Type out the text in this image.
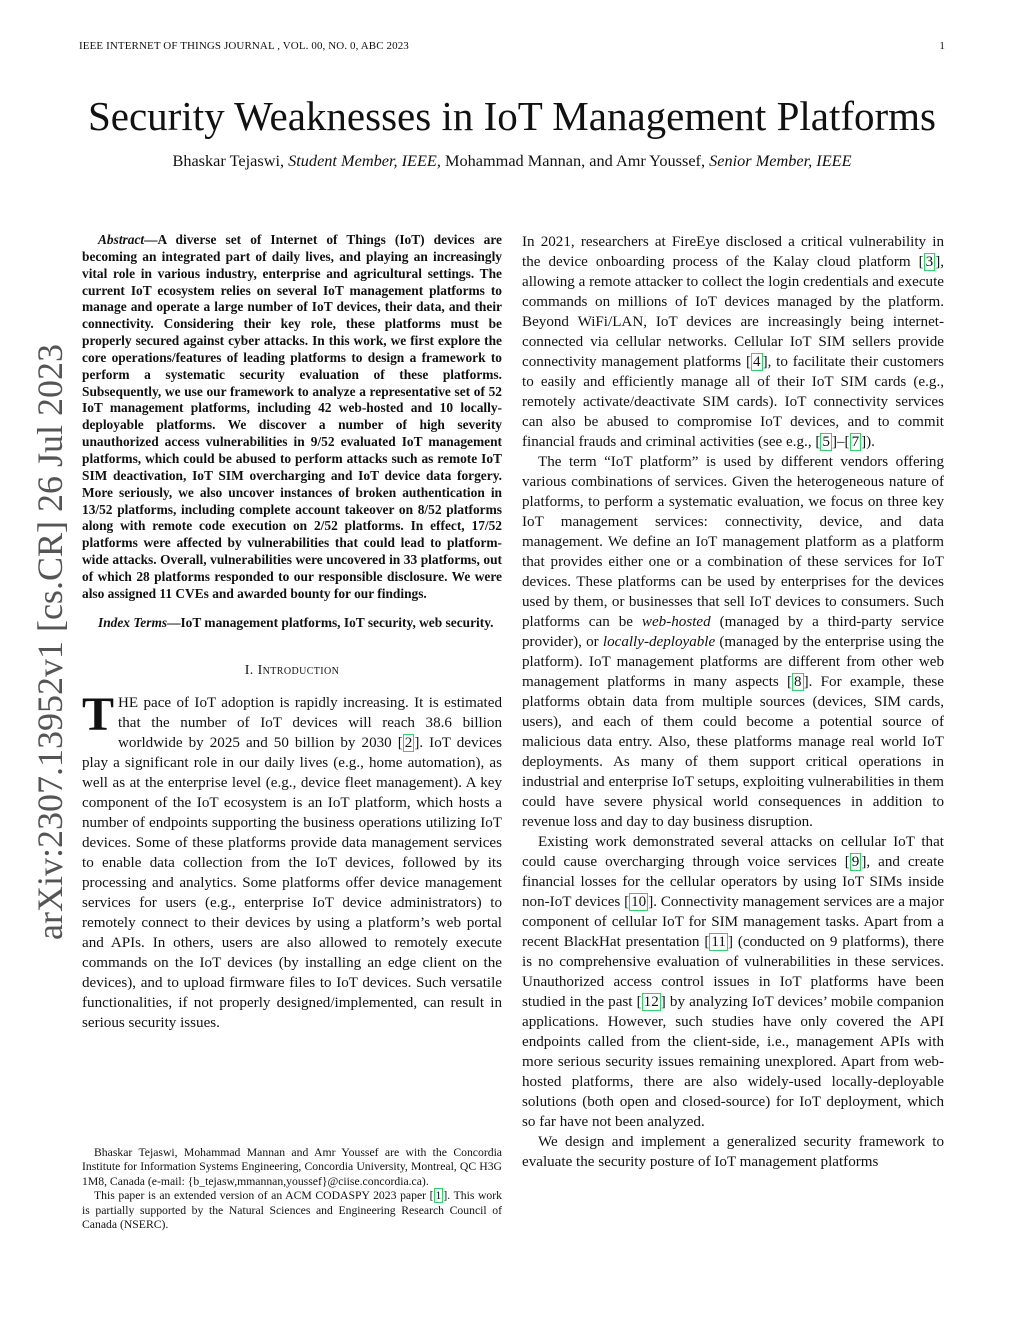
IEEE INTERNET OF THINGS JOURNAL , VOL. 00, NO. 0, ABC 2023	1
Security Weaknesses in IoT Management Platforms
Bhaskar Tejaswi, Student Member, IEEE, Mohammad Mannan, and Amr Youssef, Senior Member, IEEE
arXiv:2307.13952v1 [cs.CR] 26 Jul 2023

Abstract—A diverse set of Internet of Things (IoT) devices are becoming an integrated part of daily lives, and playing an increasingly vital role in various industry, enterprise and agricultural settings. The current IoT ecosystem relies on several IoT management platforms to manage and operate a large number of IoT devices, their data, and their connectivity. Considering their key role, these platforms must be properly secured against cyber attacks. In this work, we first explore the core operations/features of leading platforms to design a framework to perform a systematic security evaluation of these platforms. Subsequently, we use our framework to analyze a representative set of 52 IoT management platforms, including 42 web-hosted and 10 locally-deployable platforms. We discover a number of high severity unauthorized access vulnerabilities in 9/52 evaluated IoT management platforms, which could be abused to perform attacks such as remote IoT SIM deactivation, IoT SIM overcharging and IoT device data forgery. More seriously, we also uncover instances of broken authentication in 13/52 platforms, including complete account takeover on 8/52 platforms along with remote code execution on 2/52 platforms. In effect, 17/52 platforms were affected by vulnerabilities that could lead to platform-wide attacks. Overall, vulnerabilities were uncovered in 33 platforms, out of which 28 platforms responded to our responsible disclosure. We were also assigned 11 CVEs and awarded bounty for our findings.

Index Terms—IoT management platforms, IoT security, web security.

I. Introduction

THE pace of IoT adoption is rapidly increasing. It is estimated that the number of IoT devices will reach 38.6 billion worldwide by 2025 and 50 billion by 2030 [ 2 ]. IoT devices play a significant role in our daily lives (e.g., home automation), as well as at the enterprise level (e.g., device fleet management). A key component of the IoT ecosystem is an IoT platform, which hosts a number of endpoints supporting the business operations utilizing IoT devices. Some of these platforms provide data management services to enable data collection from the IoT devices, followed by its processing and analytics. Some platforms offer device management services for users (e.g., enterprise IoT device administrators) to remotely connect to their devices by using a platform’s web portal and APIs. In others, users are also allowed to remotely execute commands on the IoT devices (by installing an edge client on the devices), and to upload firmware files to IoT devices. Such versatile functionalities, if not properly designed/implemented, can result in serious security issues.

In 2021, researchers at FireEye disclosed a critical vulnerability in the device onboarding process of the Kalay cloud platform [ 3 ], allowing a remote attacker to collect the login credentials and execute commands on millions of IoT devices managed by the platform. Beyond WiFi/LAN, IoT devices are increasingly being internet-connected via cellular networks. Cellular IoT SIM sellers provide connectivity management platforms [ 4 ], to facilitate their customers to easily and efficiently manage all of their IoT SIM cards (e.g., remotely activate/deactivate SIM cards). IoT connectivity services can also be abused to compromise IoT devices, and to commit financial frauds and criminal activities (see e.g., [ 5 ]–[ 7 ]).

The term “IoT platform” is used by different vendors offering various combinations of services. Given the heterogeneous nature of platforms, to perform a systematic evaluation, we focus on three key IoT management services: connectivity, device, and data management. We define an IoT management platform as a platform that provides either one or a combination of these services for IoT devices. These platforms can be used by enterprises for the devices used by them, or businesses that sell IoT devices to consumers. Such platforms can be web-hosted (managed by a third-party service provider), or locally-deployable (managed by the enterprise using the platform). IoT management platforms are different from other web management platforms in many aspects [ 8 ]. For example, these platforms obtain data from multiple sources (devices, SIM cards, users), and each of them could become a potential source of malicious data entry. Also, these platforms manage real world IoT deployments. As many of them support critical operations in industrial and enterprise IoT setups, exploiting vulnerabilities in them could have severe physical world consequences in addition to revenue loss and day to day business disruption.

Existing work demonstrated several attacks on cellular IoT that could cause overcharging through voice services [ 9 ], and create financial losses for the cellular operators by using IoT SIMs inside non-IoT devices [ 10 ]. Connectivity management services are a major component of cellular IoT for SIM management tasks. Apart from a recent BlackHat presentation [ 11 ] (conducted on 9 platforms), there is no comprehensive evaluation of vulnerabilities in these services. Unauthorized access control issues in IoT platforms have been studied in the past [ 12 ] by analyzing IoT devices’ mobile companion applications. However, such studies have only covered the API endpoints called from the client-side, i.e., management APIs with more serious security issues remaining unexplored. Apart from web-hosted platforms, there are also widely-used locally-deployable solutions (both open and closed-source) for IoT deployment, which so far have not been analyzed.

We design and implement a generalized security framework to evaluate the security posture of IoT management platforms

Bhaskar Tejaswi, Mohammad Mannan and Amr Youssef are with the Concordia Institute for Information Systems Engineering, Concordia University, Montreal, QC H3G 1M8, Canada (e-mail: {b_tejasw,mmannan,youssef}@ciise.concordia.ca).

This paper is an extended version of an ACM CODASPY 2023 paper [ 1 ]. This work is partially supported by the Natural Sciences and Engineering Research Council of Canada (NSERC).
